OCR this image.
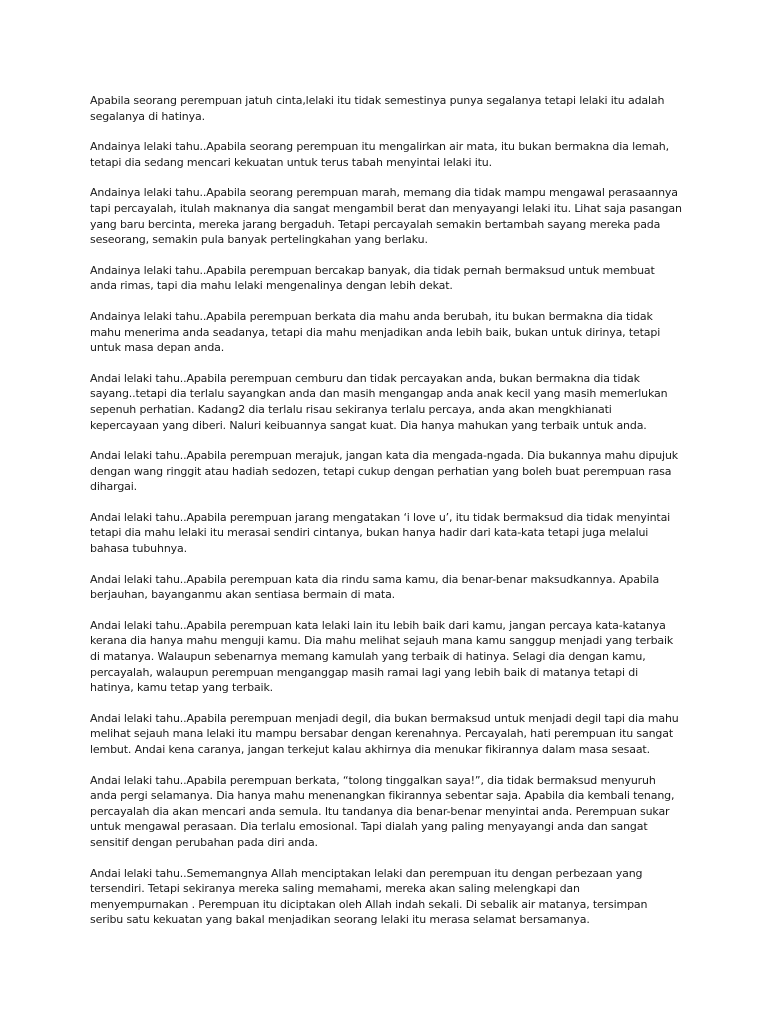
Apabila seorang perempuan jatuh cinta,lelaki itu tidak semestinya punya segalanya tetapi lelaki itu adalah
segalanya di hatinya.

Andainya lelaki tahu..Apabila seorang perempuan itu mengalirkan air mata, itu bukan bermakna dia lemah,
tetapi dia sedang mencari kekuatan untuk terus tabah menyintai lelaki itu.

Andainya lelaki tahu..Apabila seorang perempuan marah, memang dia tidak mampu mengawal perasaannya
tapi percayalah, itulah maknanya dia sangat mengambil berat dan menyayangi lelaki itu. Lihat saja pasangan
yang baru bercinta, mereka jarang bergaduh. Tetapi percayalah semakin bertambah sayang mereka pada
seseorang, semakin pula banyak pertelingkahan yang berlaku.

Andainya lelaki tahu..Apabila perempuan bercakap banyak, dia tidak pernah bermaksud untuk membuat
anda rimas, tapi dia mahu lelaki mengenalinya dengan lebih dekat.

Andainya lelaki tahu..Apabila perempuan berkata dia mahu anda berubah, itu bukan bermakna dia tidak
mahu menerima anda seadanya, tetapi dia mahu menjadikan anda lebih baik, bukan untuk dirinya, tetapi
untuk masa depan anda.

Andai lelaki tahu..Apabila perempuan cemburu dan tidak percayakan anda, bukan bermakna dia tidak
sayang..tetapi dia terlalu sayangkan anda dan masih mengangap anda anak kecil yang masih memerlukan
sepenuh perhatian. Kadang2 dia terlalu risau sekiranya terlalu percaya, anda akan mengkhianati
kepercayaan yang diberi. Naluri keibuannya sangat kuat. Dia hanya mahukan yang terbaik untuk anda.

Andai lelaki tahu..Apabila perempuan merajuk, jangan kata dia mengada-ngada. Dia bukannya mahu dipujuk
dengan wang ringgit atau hadiah sedozen, tetapi cukup dengan perhatian yang boleh buat perempuan rasa
dihargai.

Andai lelaki tahu..Apabila perempuan jarang mengatakan ‘i love u’, itu tidak bermaksud dia tidak menyintai
tetapi dia mahu lelaki itu merasai sendiri cintanya, bukan hanya hadir dari kata-kata tetapi juga melalui
bahasa tubuhnya.

Andai lelaki tahu..Apabila perempuan kata dia rindu sama kamu, dia benar-benar maksudkannya. Apabila
berjauhan, bayanganmu akan sentiasa bermain di mata.

Andai lelaki tahu..Apabila perempuan kata lelaki lain itu lebih baik dari kamu, jangan percaya kata-katanya
kerana dia hanya mahu menguji kamu. Dia mahu melihat sejauh mana kamu sanggup menjadi yang terbaik
di matanya. Walaupun sebenarnya memang kamulah yang terbaik di hatinya. Selagi dia dengan kamu,
percayalah, walaupun perempuan menganggap masih ramai lagi yang lebih baik di matanya tetapi di
hatinya, kamu tetap yang terbaik.

Andai lelaki tahu..Apabila perempuan menjadi degil, dia bukan bermaksud untuk menjadi degil tapi dia mahu
melihat sejauh mana lelaki itu mampu bersabar dengan kerenahnya. Percayalah, hati perempuan itu sangat
lembut. Andai kena caranya, jangan terkejut kalau akhirnya dia menukar fikirannya dalam masa sesaat.

Andai lelaki tahu..Apabila perempuan berkata, “tolong tinggalkan saya!”, dia tidak bermaksud menyuruh
anda pergi selamanya. Dia hanya mahu menenangkan fikirannya sebentar saja. Apabila dia kembali tenang,
percayalah dia akan mencari anda semula. Itu tandanya dia benar-benar menyintai anda. Perempuan sukar
untuk mengawal perasaan. Dia terlalu emosional. Tapi dialah yang paling menyayangi anda dan sangat
sensitif dengan perubahan pada diri anda.

Andai lelaki tahu..Sememangnya Allah menciptakan lelaki dan perempuan itu dengan perbezaan yang
tersendiri. Tetapi sekiranya mereka saling memahami, mereka akan saling melengkapi dan
menyempurnakan . Perempuan itu diciptakan oleh Allah indah sekali. Di sebalik air matanya, tersimpan
seribu satu kekuatan yang bakal menjadikan seorang lelaki itu merasa selamat bersamanya.
